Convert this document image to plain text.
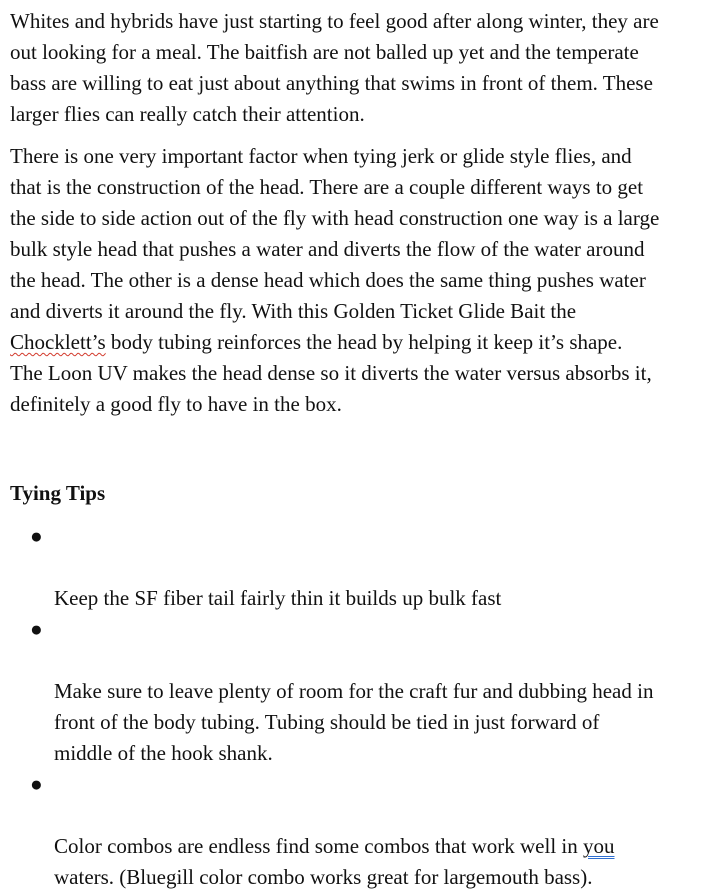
Whites and hybrids have just starting to feel good after along winter, they are
out looking for a meal. The baitfish are not balled up yet and the temperate
bass are willing to eat just about anything that swims in front of them. These
larger flies can really catch their attention.

There is one very important factor when tying jerk or glide style flies, and
that is the construction of the head. There are a couple different ways to get
the side to side action out of the fly with head construction one way is a large
bulk style head that pushes a water and diverts the flow of the water around
the head. The other is a dense head which does the same thing pushes water
and diverts it around the fly. With this Golden Ticket Glide Bait the
Chocklett’s body tubing reinforces the head by helping it keep it’s shape.
The Loon UV makes the head dense so it diverts the water versus absorbs it,
definitely a good fly to have in the box.

Tying Tips

●

Keep the SF fiber tail fairly thin it builds up bulk fast

●

Make sure to leave plenty of room for the craft fur and dubbing head in
front of the body tubing. Tubing should be tied in just forward of
middle of the hook shank.

●

Color combos are endless find some combos that work well in you
waters. (Bluegill color combo works great for largemouth bass).
